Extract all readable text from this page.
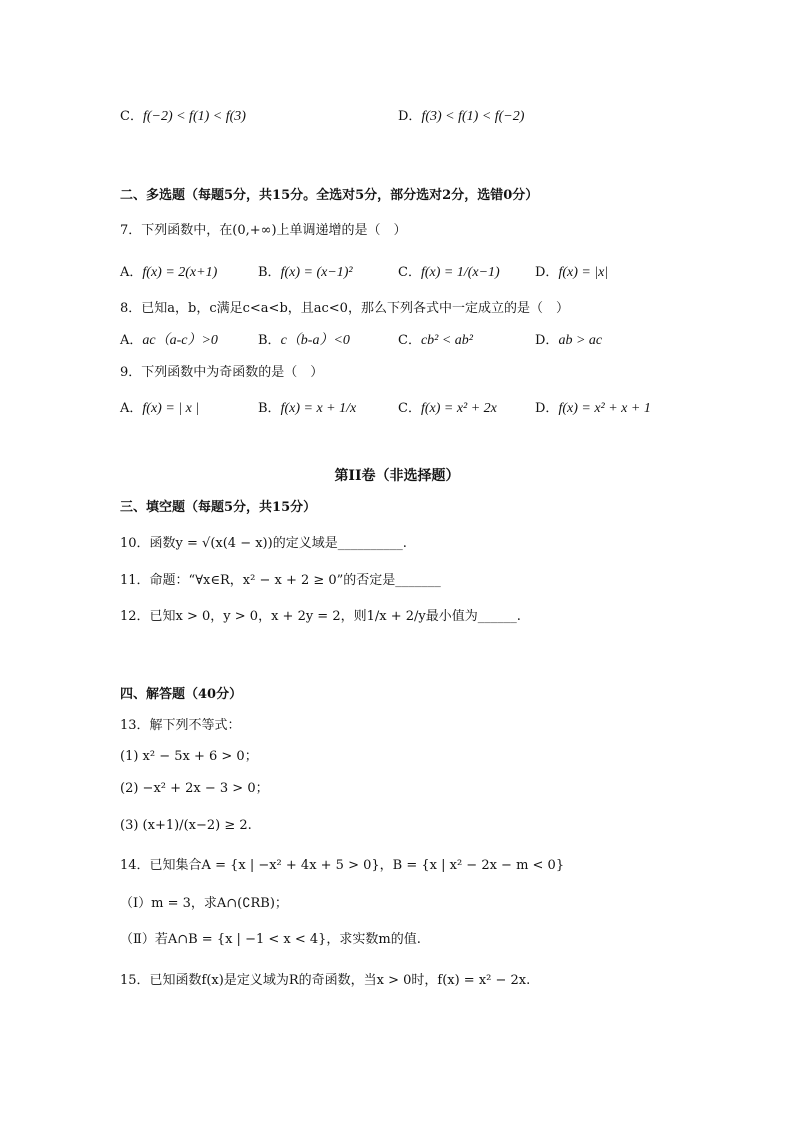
C．f(−2) < f(1) < f(3)	D．f(3) < f(1) < f(−2)
二、多选题（每题5分，共15分。全选对5分，部分选对2分，选错0分）
7．下列函数中，在(0,+∞)上单调递增的是（　）
A．f(x) = 2(x+1)	B．f(x) = (x−1)²	C．f(x) = 1/(x−1)	D．f(x) = |x|
8．已知a，b，c满足c<a<b，且ac<0，那么下列各式中一定成立的是（　）
A．ac（a-c）>0	B．c（b-a）<0	C．cb² < ab²	D．ab > ac
9．下列函数中为奇函数的是（　）
A．f(x) = | x |	B．f(x) = x + 1/x	C．f(x) = x² + 2x	D．f(x) = x² + x + 1
第II卷（非选择题）
三、填空题（每题5分，共15分）
10．函数y = √(x(4 − x))的定义域是__________.
11．命题：“∀x∈R，x² − x + 2 ≥ 0”的否定是_______
12．已知x > 0，y > 0，x + 2y = 2，则1/x + 2/y最小值为______.
四、解答题（40分）
13．解下列不等式：
(1) x² − 5x + 6 > 0；
(2) −x² + 2x − 3 > 0；
(3) (x+1)/(x−2) ≥ 2.
14．已知集合A = {x | −x² + 4x + 5 > 0}，B = {x | x² − 2x − m < 0}
（Ⅰ）m = 3，求A∩(∁RB)；
（Ⅱ）若A∩B = {x | −1 < x < 4}，求实数m的值.
15．已知函数f(x)是定义域为R的奇函数，当x > 0时，f(x) = x² − 2x.
